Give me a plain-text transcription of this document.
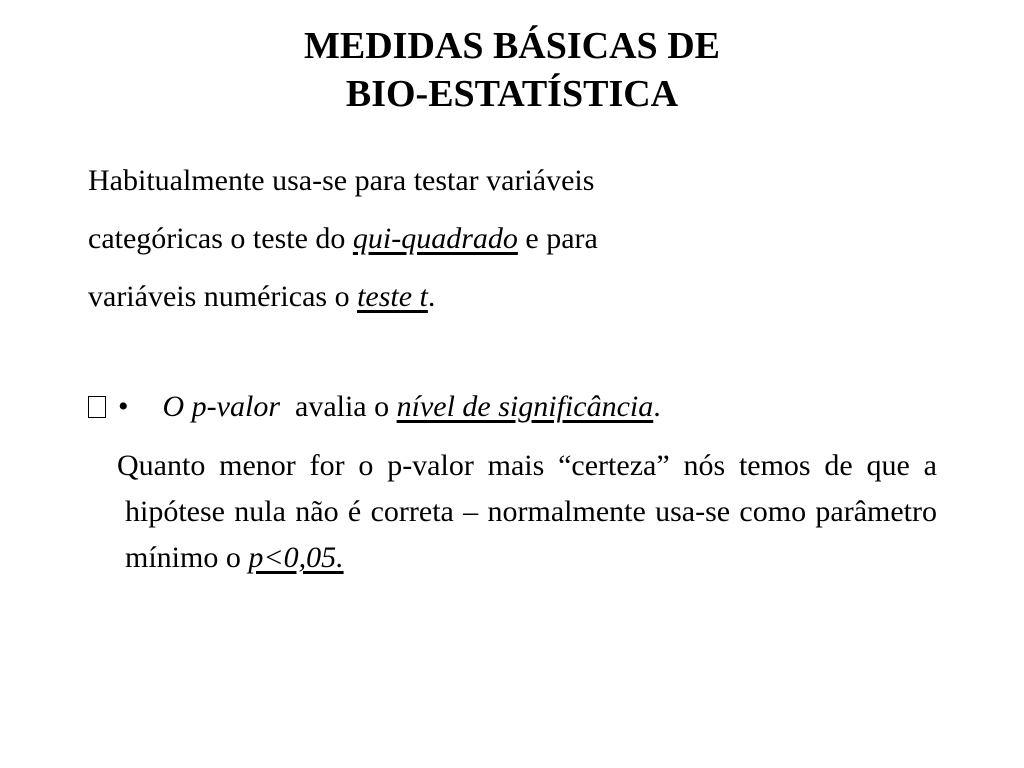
MEDIDAS BÁSICAS DE
BIO-ESTATÍSTICA
Habitualmente usa-se para testar variáveis
categóricas o teste do qui-quadrado e para
variáveis numéricas o teste t.
• O p-valor  avalia o nível de significância.
Quanto menor for o p-valor mais “certeza” nós temos de que a hipótese nula não é correta – normalmente usa-se como parâmetro mínimo o p<0,05.
